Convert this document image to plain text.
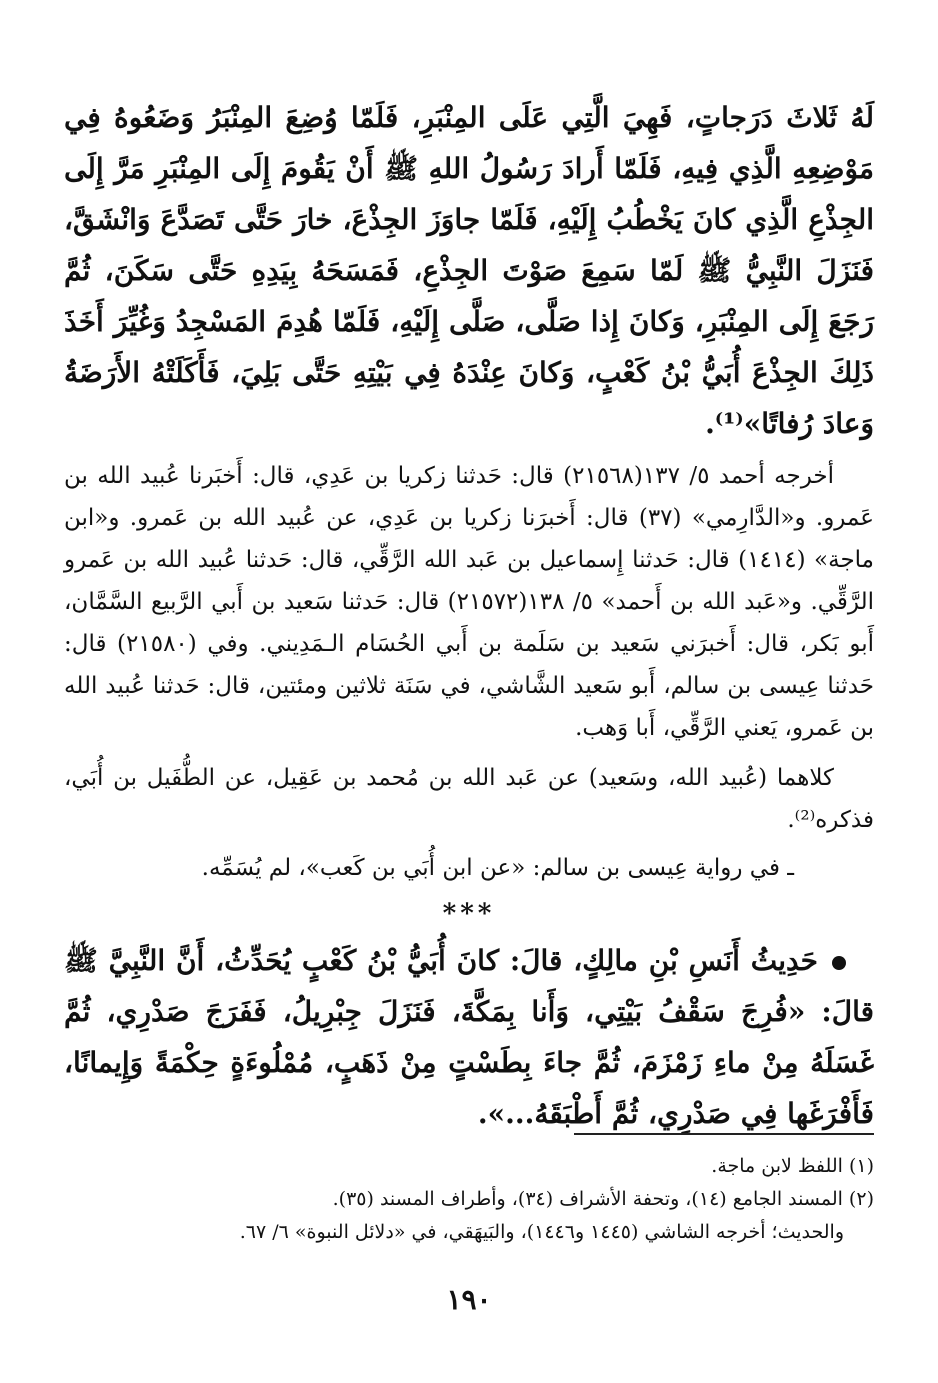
لَهُ ثَلاثَ دَرَجاتٍ، فَهِيَ الَّتِي عَلَى المِنْبَرِ، فَلَمّا وُضِعَ المِنْبَرُ وَضَعُوهُ فِي مَوْضِعِهِ الَّذِي فِيهِ، فَلَمّا أَرادَ رَسُولُ اللهِ ﷺ أَنْ يَقُومَ إِلَى المِنْبَرِ مَرَّ إِلَى الجِذْعِ الَّذِي كانَ يَخْطُبُ إِلَيْهِ، فَلَمّا جاوَزَ الجِذْعَ، خارَ حَتَّى تَصَدَّعَ وَانْشَقَّ، فَنَزَلَ النَّبِيُّ ﷺ لَمّا سَمِعَ صَوْتَ الجِذْعِ، فَمَسَحَهُ بِيَدِهِ حَتَّى سَكَنَ، ثُمَّ رَجَعَ إِلَى المِنْبَرِ، وَكانَ إِذا صَلَّى، صَلَّى إِلَيْهِ، فَلَمّا هُدِمَ المَسْجِدُ وَغُيِّرَ أَخَذَ ذَلِكَ الجِذْعَ أُبَيُّ بْنُ كَعْبٍ، وَكانَ عِنْدَهُ فِي بَيْتِهِ حَتَّى بَلِيَ، فَأَكَلَتْهُ الأَرَضَةُ وَعادَ رُفاتًا»⁽¹⁾.

أخرجه أحمد ٥/ ١٣٧(٢١٥٦٨) قال: حَدثنا زكريا بن عَدِي، قال: أَخبَرنا عُبيد الله بن عَمرو. و«الدَّارِمي» (٣٧) قال: أَخبرَنا زكريا بن عَدِي، عن عُبيد الله بن عَمرو. و«ابن ماجة» (١٤١٤) قال: حَدثنا إِسماعيل بن عَبد الله الرَّقِّي، قال: حَدثنا عُبيد الله بن عَمرو الرَّقِّي. و«عَبد الله بن أَحمد» ٥/ ١٣٨(٢١٥٧٢) قال: حَدثنا سَعيد بن أَبي الرَّبيع السَّمَّان، أَبو بَكر، قال: أَخبرَني سَعيد بن سَلَمة بن أَبي الحُسَام الـمَدِيني. وفي (٢١٥٨٠) قال: حَدثنا عِيسى بن سالم، أَبو سَعيد الشَّاشي، في سَنَة ثلاثين ومئتين، قال: حَدثنا عُبيد الله بن عَمرو، يَعني الرَّقِّي، أَبا وَهب.

كلاهما (عُبيد الله، وسَعيد) عن عَبد الله بن مُحمد بن عَقِيل، عن الطُّفَيل بن أُبَي، فذكره⁽²⁾.

ـ في رواية عِيسى بن سالم: «عن ابن أُبَي بن كَعب»، لم يُسَمِّه.

***

حَدِيثُ أَنَسِ بْنِ مالِكٍ، قالَ: كانَ أُبَيُّ بْنُ كَعْبٍ يُحَدِّثُ، أَنَّ النَّبِيَّ ﷺ قالَ: «فُرِجَ سَقْفُ بَيْتِي، وَأَنا بِمَكَّةَ، فَنَزَلَ جِبْرِيلُ، فَفَرَجَ صَدْرِي، ثُمَّ غَسَلَهُ مِنْ ماءِ زَمْزَمَ، ثُمَّ جاءَ بِطَسْتٍ مِنْ ذَهَبٍ، مُمْلُوءَةٍ حِكْمَةً وَإِيمانًا، فَأَفْرَغَها فِي صَدْرِي، ثُمَّ أَطْبَقَهُ...».

(١) اللفظ لابن ماجة.

(٢) المسند الجامع (١٤)، وتحفة الأشراف (٣٤)، وأطراف المسند (٣٥).

والحديث؛ أخرجه الشاشي (١٤٤٥ و١٤٤٦)، والبَيهَقي، في «دلائل النبوة» ٦/ ٦٧.

١٩٠
